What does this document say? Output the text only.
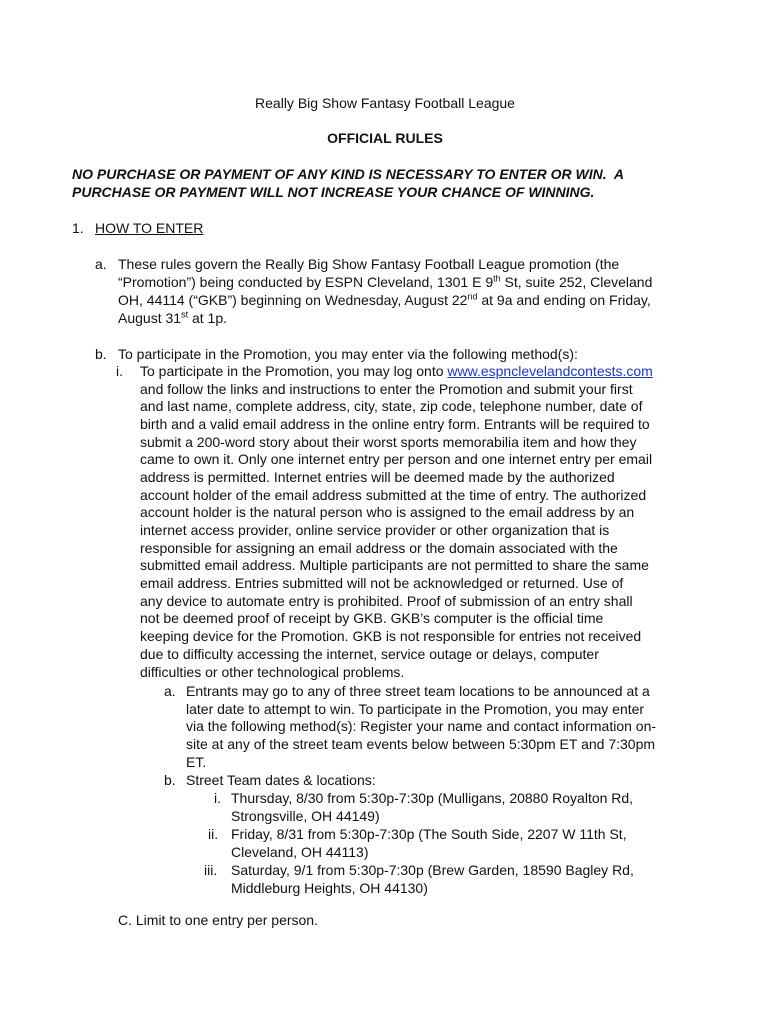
Really Big Show Fantasy Football League
OFFICIAL RULES
NO PURCHASE OR PAYMENT OF ANY KIND IS NECESSARY TO ENTER OR WIN.  A
PURCHASE OR PAYMENT WILL NOT INCREASE YOUR CHANCE OF WINNING.
1. HOW TO ENTER
a. These rules govern the Really Big Show Fantasy Football League promotion (the
“Promotion”) being conducted by ESPN Cleveland, 1301 E 9th St, suite 252, Cleveland
OH, 44114 (“GKB”) beginning on Wednesday, August 22nd at 9a and ending on Friday,
August 31st at 1p.
b. To participate in the Promotion, you may enter via the following method(s):
i. To participate in the Promotion, you may log onto www.espnclevelandcontests.com
and follow the links and instructions to enter the Promotion and submit your first
and last name, complete address, city, state, zip code, telephone number, date of
birth and a valid email address in the online entry form. Entrants will be required to
submit a 200-word story about their worst sports memorabilia item and how they
came to own it. Only one internet entry per person and one internet entry per email
address is permitted. Internet entries will be deemed made by the authorized
account holder of the email address submitted at the time of entry. The authorized
account holder is the natural person who is assigned to the email address by an
internet access provider, online service provider or other organization that is
responsible for assigning an email address or the domain associated with the
submitted email address. Multiple participants are not permitted to share the same
email address. Entries submitted will not be acknowledged or returned. Use of
any device to automate entry is prohibited. Proof of submission of an entry shall
not be deemed proof of receipt by GKB. GKB’s computer is the official time
keeping device for the Promotion. GKB is not responsible for entries not received
due to difficulty accessing the internet, service outage or delays, computer
difficulties or other technological problems.
a. Entrants may go to any of three street team locations to be announced at a
later date to attempt to win. To participate in the Promotion, you may enter
via the following method(s): Register your name and contact information on-
site at any of the street team events below between 5:30pm ET and 7:30pm
ET.
b. Street Team dates & locations:
i. Thursday, 8/30 from 5:30p-7:30p (Mulligans, 20880 Royalton Rd,
Strongsville, OH 44149)
ii. Friday, 8/31 from 5:30p-7:30p (The South Side, 2207 W 11th St,
Cleveland, OH 44113)
iii. Saturday, 9/1 from 5:30p-7:30p (Brew Garden, 18590 Bagley Rd,
Middleburg Heights, OH 44130)
C. Limit to one entry per person.
